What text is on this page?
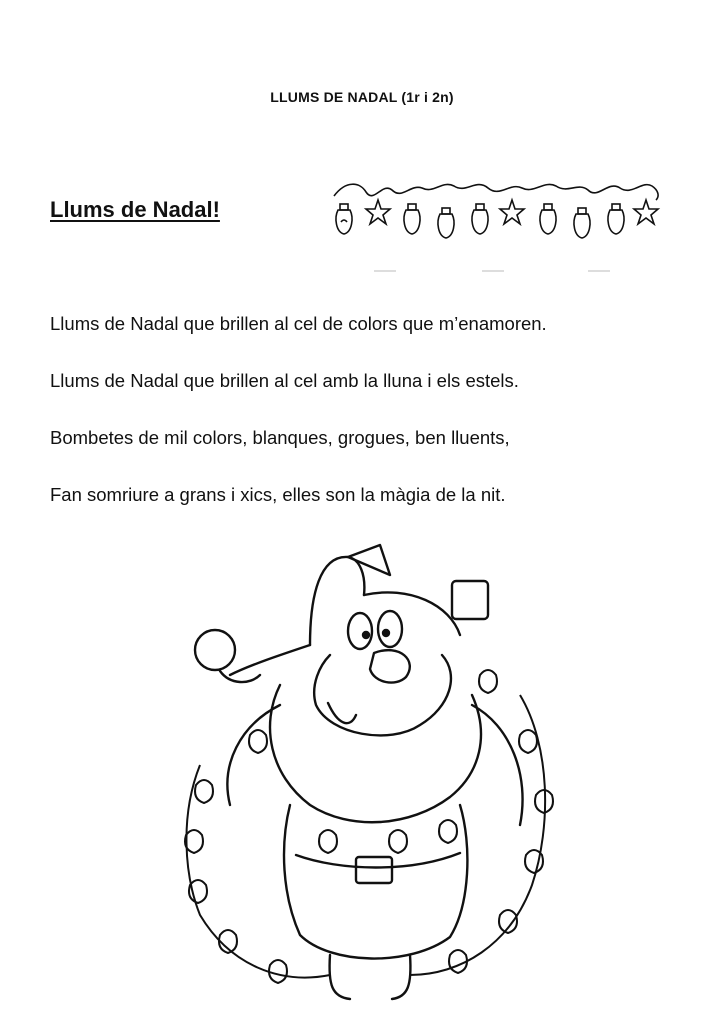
LLUMS DE NADAL (1r i 2n)
Llums de Nadal!
Llums de Nadal que brillen al cel de colors que m’enamoren.
Llums de Nadal que brillen al cel amb la lluna i els estels.
Bombetes de mil colors, blanques, grogues, ben lluents,
Fan somriure a grans i xics, elles son la màgia de la nit.
